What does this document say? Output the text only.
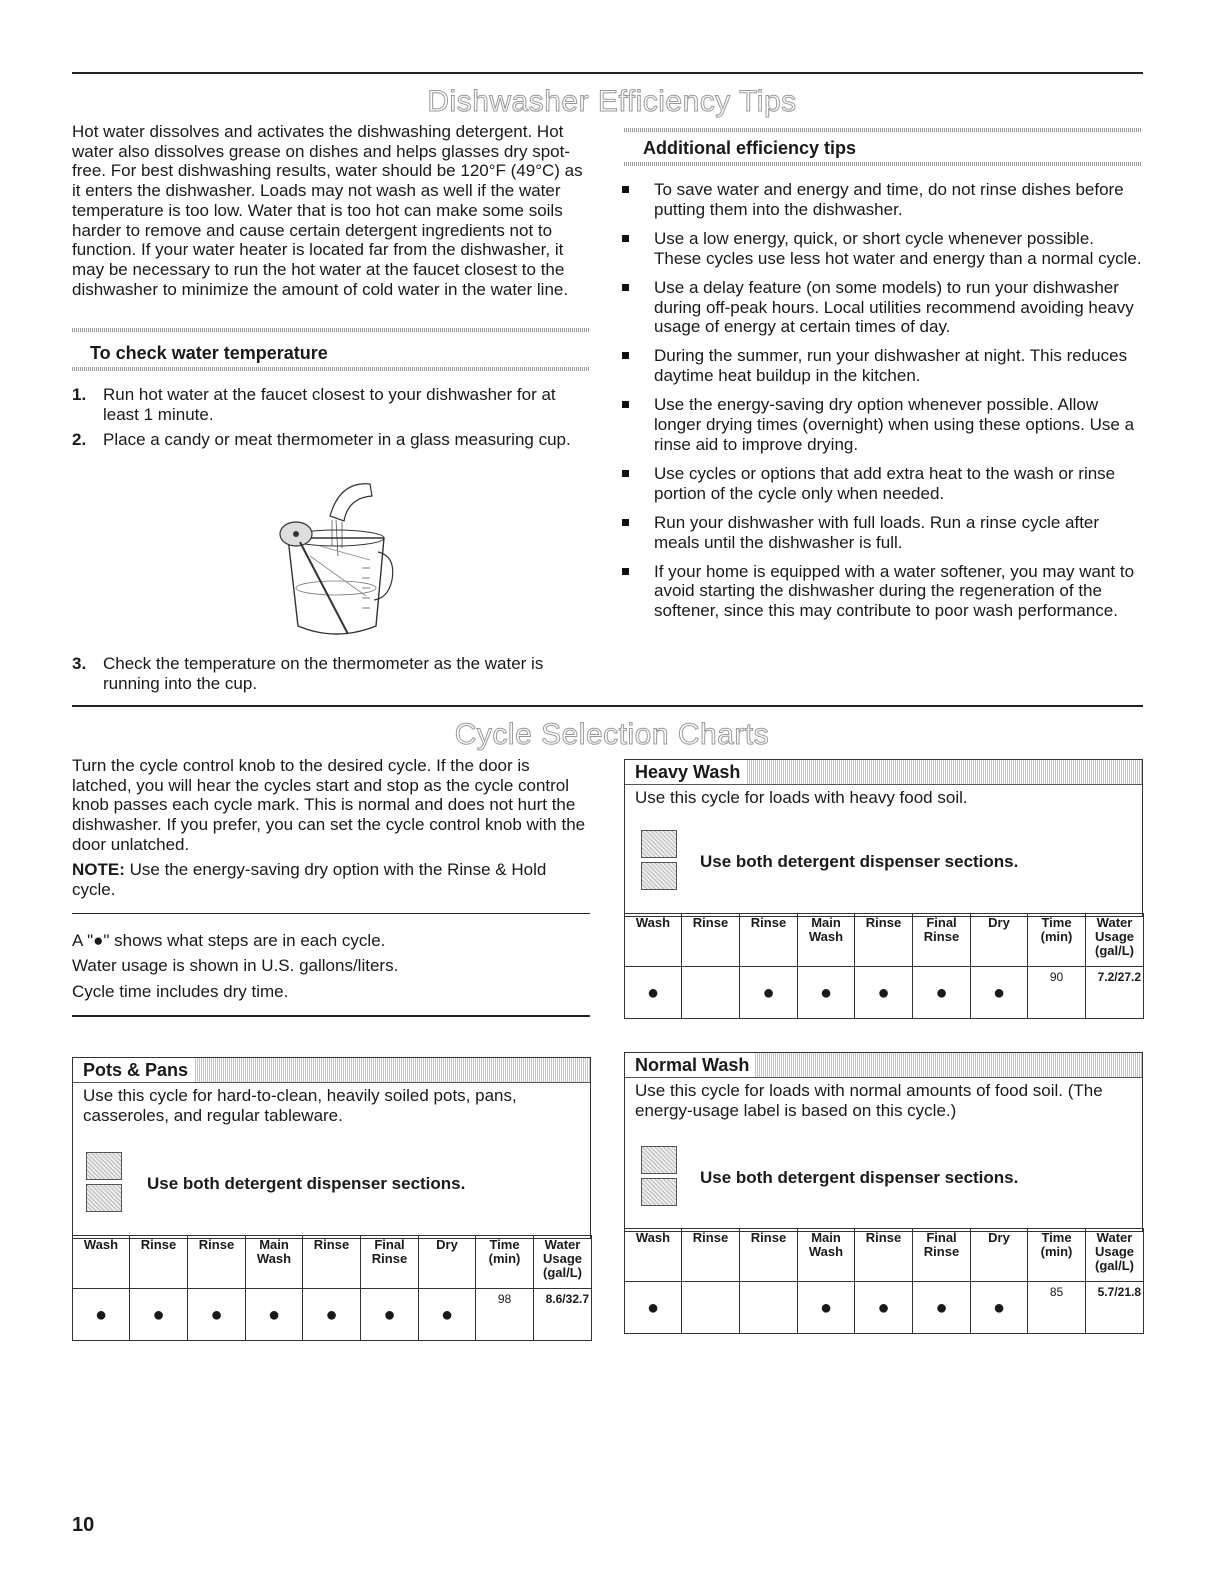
Dishwasher Efficiency Tips
Hot water dissolves and activates the dishwashing detergent. Hot water also dissolves grease on dishes and helps glasses dry spot-free. For best dishwashing results, water should be 120°F (49°C) as it enters the dishwasher. Loads may not wash as well if the water temperature is too low. Water that is too hot can make some soils harder to remove and cause certain detergent ingredients not to function. If your water heater is located far from the dishwasher, it may be necessary to run the hot water at the faucet closest to the dishwasher to minimize the amount of cold water in the water line.
To check water temperature
1. Run hot water at the faucet closest to your dishwasher for at least 1 minute.
2. Place a candy or meat thermometer in a glass measuring cup.
3. Check the temperature on the thermometer as the water is running into the cup.
Additional efficiency tips
To save water and energy and time, do not rinse dishes before putting them into the dishwasher.
Use a low energy, quick, or short cycle whenever possible. These cycles use less hot water and energy than a normal cycle.
Use a delay feature (on some models) to run your dishwasher during off-peak hours. Local utilities recommend avoiding heavy usage of energy at certain times of day.
During the summer, run your dishwasher at night. This reduces daytime heat buildup in the kitchen.
Use the energy-saving dry option whenever possible. Allow longer drying times (overnight) when using these options. Use a rinse aid to improve drying.
Use cycles or options that add extra heat to the wash or rinse portion of the cycle only when needed.
Run your dishwasher with full loads. Run a rinse cycle after meals until the dishwasher is full.
If your home is equipped with a water softener, you may want to avoid starting the dishwasher during the regeneration of the softener, since this may contribute to poor wash performance.
Cycle Selection Charts
Turn the cycle control knob to the desired cycle. If the door is latched, you will hear the cycles start and stop as the cycle control knob passes each cycle mark. This is normal and does not hurt the dishwasher. If you prefer, you can set the cycle control knob with the door unlatched.
NOTE: Use the energy-saving dry option with the Rinse & Hold cycle.
A "●" shows what steps are in each cycle.
Water usage is shown in U.S. gallons/liters.
Cycle time includes dry time.
Heavy Wash
Use this cycle for loads with heavy food soil.
Use both detergent dispenser sections.
Wash	Rinse	Rinse	Main Wash	Rinse	Final Rinse	Dry	Time (min)	Water Usage (gal/L)
●		●	●	●	●	●	90	7.2/27.2
Pots & Pans
Use this cycle for hard-to-clean, heavily soiled pots, pans, casseroles, and regular tableware.
Use both detergent dispenser sections.
Wash	Rinse	Rinse	Main Wash	Rinse	Final Rinse	Dry	Time (min)	Water Usage (gal/L)
●	●	●	●	●	●	●	98	8.6/32.7
Normal Wash
Use this cycle for loads with normal amounts of food soil. (The energy-usage label is based on this cycle.)
Use both detergent dispenser sections.
Wash	Rinse	Rinse	Main Wash	Rinse	Final Rinse	Dry	Time (min)	Water Usage (gal/L)
●			●	●	●	●	85	5.7/21.8
10
